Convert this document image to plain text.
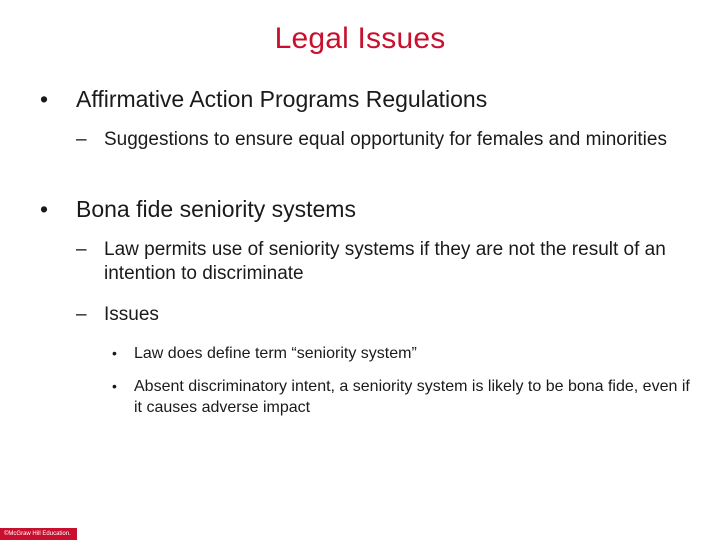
Legal Issues
•	Affirmative Action Programs Regulations
– Suggestions to ensure equal opportunity for females and minorities
•	Bona fide seniority systems
– Law permits use of seniority systems if they are not the result of an intention to discriminate
– Issues
•	Law does define term “seniority system”
•	Absent discriminatory intent, a seniority system is likely to be bona fide, even if it causes adverse impact
©McGraw Hill Education.
